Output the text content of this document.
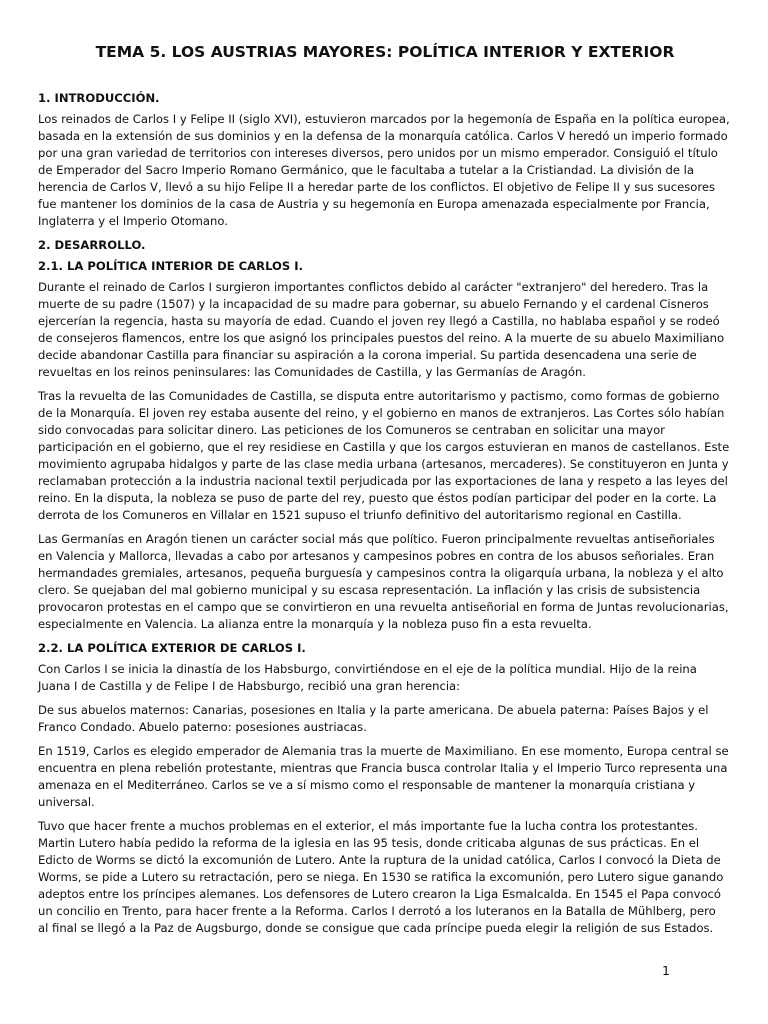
TEMA 5. LOS AUSTRIAS MAYORES: POLÍTICA INTERIOR Y EXTERIOR
1. INTRODUCCIÓN.

Los reinados de Carlos I y Felipe II (siglo XVI), estuvieron marcados por la hegemonía de España en la política europea,
basada en la extensión de sus dominios y en la defensa de la monarquía católica. Carlos V heredó un imperio formado
por una gran variedad de territorios con intereses diversos, pero unidos por un mismo emperador. Consiguió el título
de Emperador del Sacro Imperio Romano Germánico, que le facultaba a tutelar a la Cristiandad. La división de la
herencia de Carlos V, llevó a su hijo Felipe II a heredar parte de los conflictos. El objetivo de Felipe II y sus sucesores
fue mantener los dominios de la casa de Austria y su hegemonía en Europa amenazada especialmente por Francia,
Inglaterra y el Imperio Otomano.

2. DESARROLLO.
2.1. LA POLÍTICA INTERIOR DE CARLOS I.

Durante el reinado de Carlos I surgieron importantes conflictos debido al carácter "extranjero" del heredero. Tras la
muerte de su padre (1507) y la incapacidad de su madre para gobernar, su abuelo Fernando y el cardenal Cisneros
ejercerían la regencia, hasta su mayoría de edad. Cuando el joven rey llegó a Castilla, no hablaba español y se rodeó
de consejeros flamencos, entre los que asignó los principales puestos del reino. A la muerte de su abuelo Maximiliano
decide abandonar Castilla para financiar su aspiración a la corona imperial. Su partida desencadena una serie de
revueltas en los reinos peninsulares: las Comunidades de Castilla, y las Germanías de Aragón.

Tras la revuelta de las Comunidades de Castilla, se disputa entre autoritarismo y pactismo, como formas de gobierno
de la Monarquía. El joven rey estaba ausente del reino, y el gobierno en manos de extranjeros. Las Cortes sólo habían
sido convocadas para solicitar dinero. Las peticiones de los Comuneros se centraban en solicitar una mayor
participación en el gobierno, que el rey residiese en Castilla y que los cargos estuvieran en manos de castellanos. Este
movimiento agrupaba hidalgos y parte de las clase media urbana (artesanos, mercaderes). Se constituyeron en Junta y
reclamaban protección a la industria nacional textil perjudicada por las exportaciones de lana y respeto a las leyes del
reino. En la disputa, la nobleza se puso de parte del rey, puesto que éstos podían participar del poder en la corte. La
derrota de los Comuneros en Villalar en 1521 supuso el triunfo definitivo del autoritarismo regional en Castilla.

Las Germanías en Aragón tienen un carácter social más que político. Fueron principalmente revueltas antiseñoriales
en Valencia y Mallorca, llevadas a cabo por artesanos y campesinos pobres en contra de los abusos señoriales. Eran
hermandades gremiales, artesanos, pequeña burguesía y campesinos contra la oligarquía urbana, la nobleza y el alto
clero. Se quejaban del mal gobierno municipal y su escasa representación. La inflación y las crisis de subsistencia
provocaron protestas en el campo que se convirtieron en una revuelta antiseñorial en forma de Juntas revolucionarias,
especialmente en Valencia. La alianza entre la monarquía y la nobleza puso fin a esta revuelta.

2.2. LA POLÍTICA EXTERIOR DE CARLOS I.

Con Carlos I se inicia la dinastía de los Habsburgo, convirtiéndose en el eje de la política mundial. Hijo de la reina
Juana I de Castilla y de Felipe I de Habsburgo, recibió una gran herencia:

De sus abuelos maternos: Canarias, posesiones en Italia y la parte americana. De abuela paterna: Países Bajos y el
Franco Condado. Abuelo paterno: posesiones austriacas.

En 1519, Carlos es elegido emperador de Alemania tras la muerte de Maximiliano. En ese momento, Europa central se
encuentra en plena rebelión protestante, mientras que Francia busca controlar Italia y el Imperio Turco representa una
amenaza en el Mediterráneo. Carlos se ve a sí mismo como el responsable de mantener la monarquía cristiana y
universal.

Tuvo que hacer frente a muchos problemas en el exterior, el más importante fue la lucha contra los protestantes.
Martin Lutero había pedido la reforma de la iglesia en las 95 tesis, donde criticaba algunas de sus prácticas. En el
Edicto de Worms se dictó la excomunión de Lutero. Ante la ruptura de la unidad católica, Carlos I convocó la Dieta de
Worms, se pide a Lutero su retractación, pero se niega. En 1530 se ratifica la excomunión, pero Lutero sigue ganando
adeptos entre los príncipes alemanes. Los defensores de Lutero crearon la Liga Esmalcalda. En 1545 el Papa convocó
un concilio en Trento, para hacer frente a la Reforma. Carlos I derrotó a los luteranos en la Batalla de Mühlberg, pero
al final se llegó a la Paz de Augsburgo, donde se consigue que cada príncipe pueda elegir la religión de sus Estados.

1
